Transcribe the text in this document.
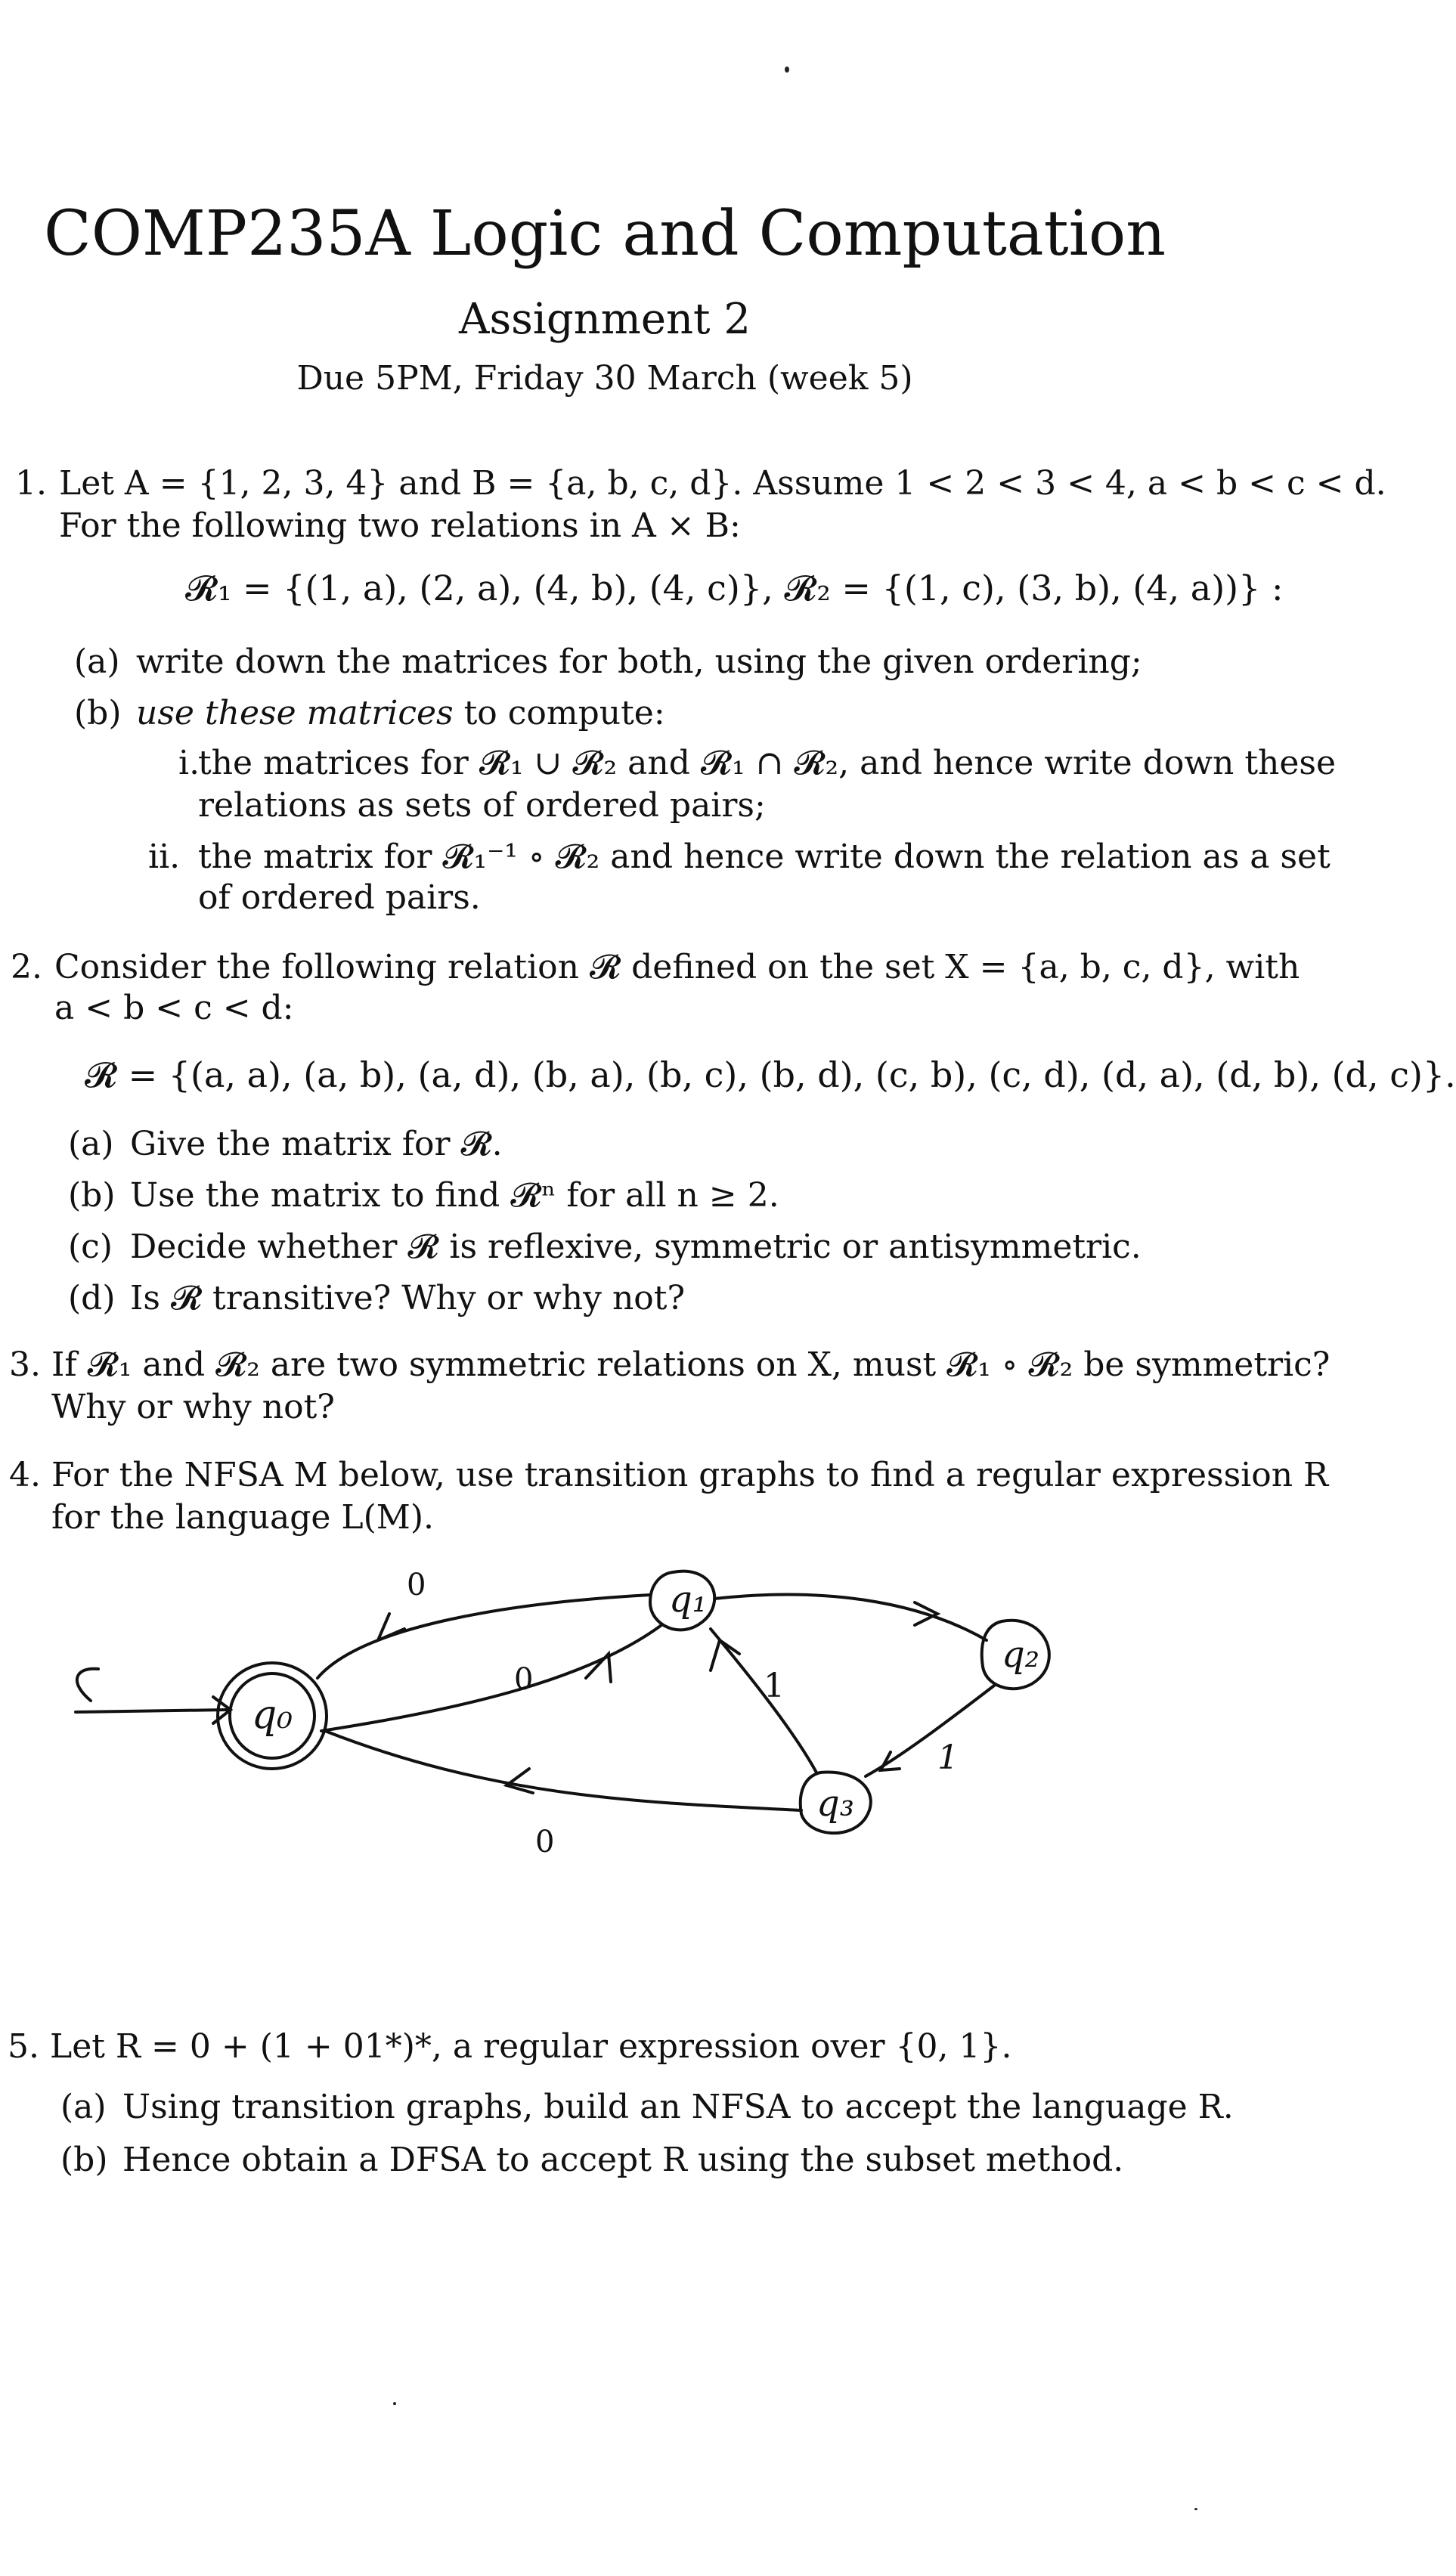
COMP235A Logic and Computation
Assignment 2
Due 5PM, Friday 30 March (week 5)
1. Let A = {1, 2, 3, 4} and B = {a, b, c, d}. Assume 1 < 2 < 3 < 4, a < b < c < d.
For the following two relations in A × B:
𝓡₁ = {(1, a), (2, a), (4, b), (4, c)}, 𝓡₂ = {(1, c), (3, b), (4, a))} :
(a) write down the matrices for both, using the given ordering;
(b) use these matrices to compute:
i.
the matrices for 𝓡₁ ∪ 𝓡₂ and 𝓡₁ ∩ 𝓡₂, and hence write down these
relations as sets of ordered pairs;
ii. the matrix for 𝓡₁⁻¹ ∘ 𝓡₂ and hence write down the relation as a set
of ordered pairs.
2. Consider the following relation 𝓡 defined on the set X = {a, b, c, d}, with
a < b < c < d:
𝓡 = {(a, a), (a, b), (a, d), (b, a), (b, c), (b, d), (c, b), (c, d), (d, a), (d, b), (d, c)}.
(a) Give the matrix for 𝓡.
(b) Use the matrix to find 𝓡ⁿ for all n ≥ 2.
(c) Decide whether 𝓡 is reflexive, symmetric or antisymmetric.
(d) Is 𝓡 transitive? Why or why not?
3. If 𝓡₁ and 𝓡₂ are two symmetric relations on X, must 𝓡₁ ∘ 𝓡₂ be symmetric?
Why or why not?
4. For the NFSA M below, use transition graphs to find a regular expression R
for the language L(M).
q₀
q₁
q₂
q₃
0
0	1
1
0
5. Let R = 0 + (1 + 01*)*, a regular expression over {0, 1}.
(a) Using transition graphs, build an NFSA to accept the language R.
(b) Hence obtain a DFSA to accept R using the subset method.
